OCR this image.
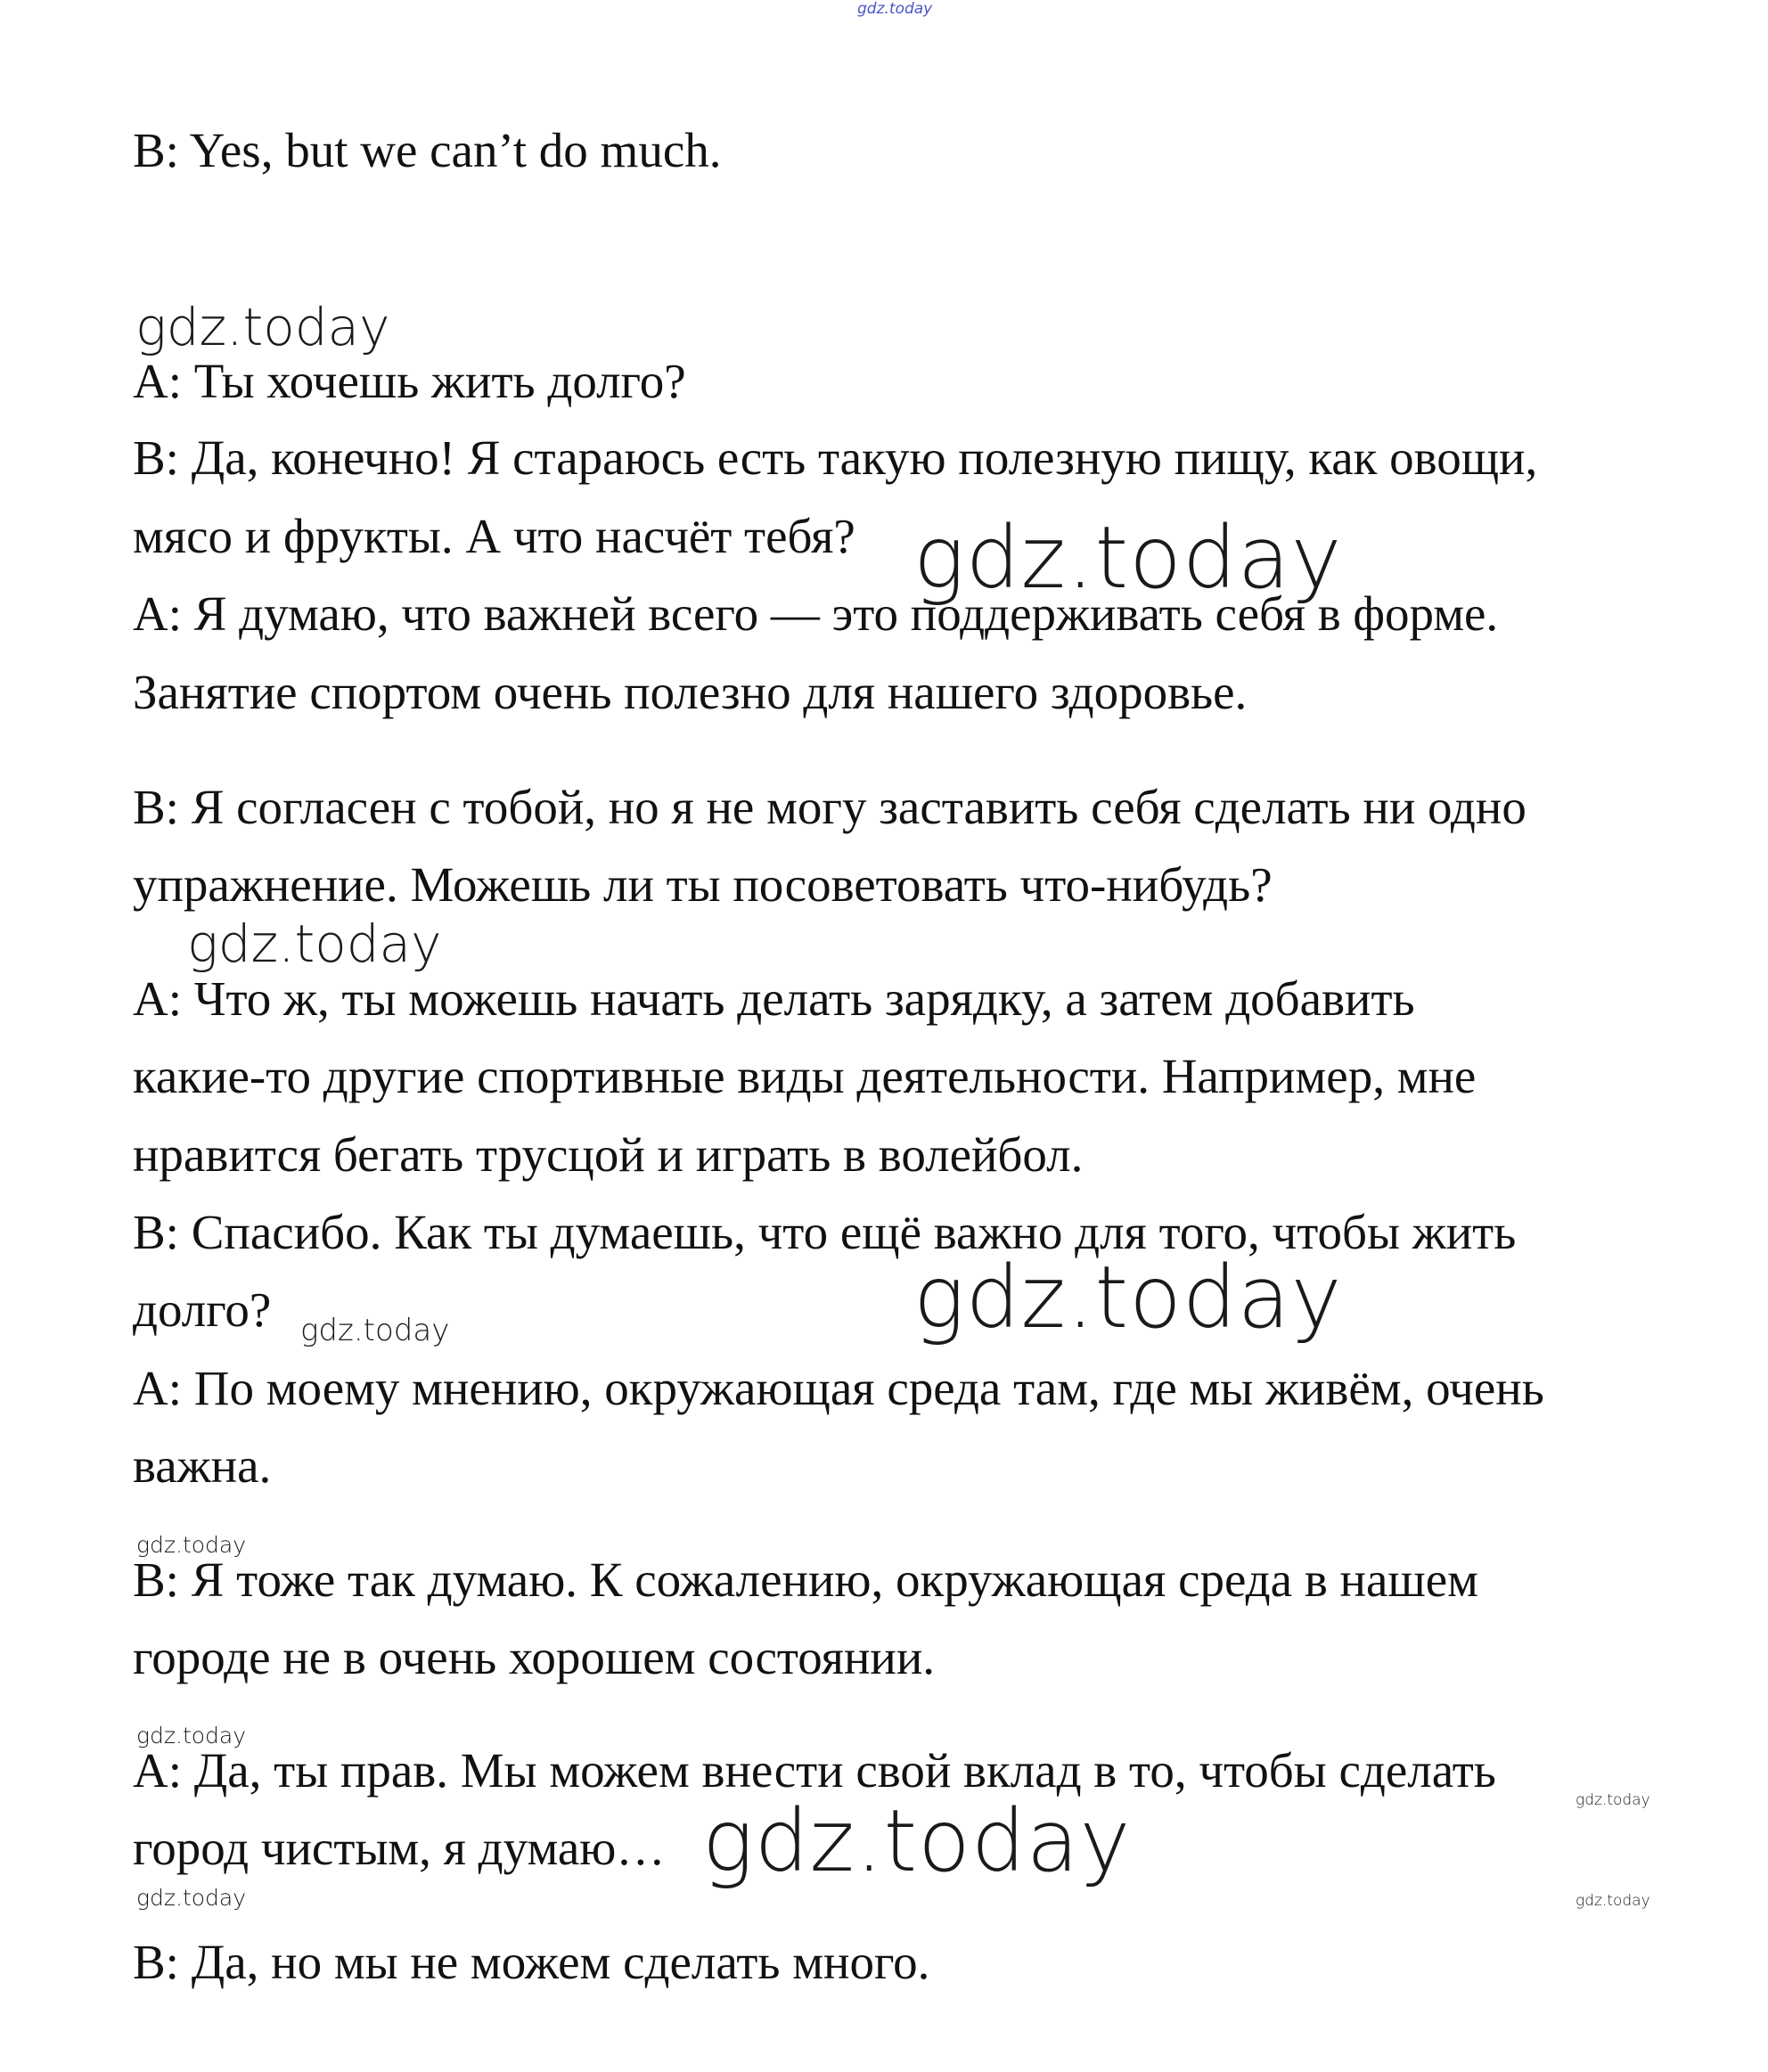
gdz.today
gdz.today
gdz.today
gdz.today
gdz.today
gdz.today
gdz.today
gdz.today
gdz.today
gdz.today
gdz.today	gdz.today

B: Yes, but we can’t do much.

A: Ты хочешь жить долго?

B: Да, конечно! Я стараюсь есть такую полезную пищу, как овощи,

мясо и фрукты. А что насчёт тебя?

A: Я думаю, что важней всего — это поддерживать себя в форме.

Занятие спортом очень полезно для нашего здоровье.

B: Я согласен с тобой, но я не могу заставить себя сделать ни одно

упражнение. Можешь ли ты посоветовать что-нибудь?

A: Что ж, ты можешь начать делать зарядку, а затем добавить

какие-то другие спортивные виды деятельности. Например, мне

нравится бегать трусцой и играть в волейбол.

B: Спасибо. Как ты думаешь, что ещё важно для того, чтобы жить

долго?

A: По моему мнению, окружающая среда там, где мы живём, очень

важна.

B: Я тоже так думаю. К сожалению, окружающая среда в нашем

городе не в очень хорошем состоянии.

A: Да, ты прав. Мы можем внести свой вклад в то, чтобы сделать

город чистым, я думаю…

B: Да, но мы не можем сделать много.
